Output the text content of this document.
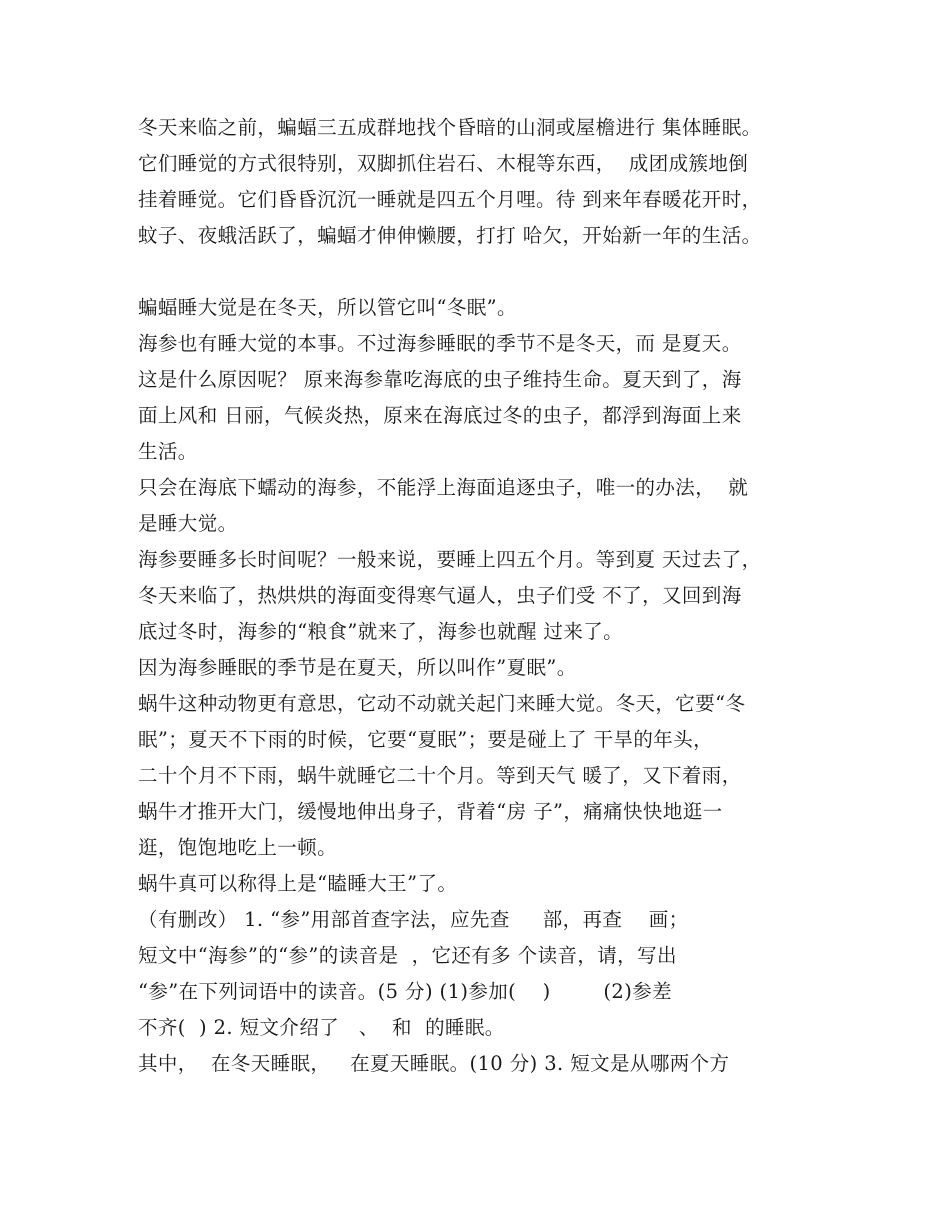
冬天来临之前，蝙蝠三五成群地找个昏暗的山洞或屋檐进行 集体睡眠。
它们睡觉的方式很特别，双脚抓住岩石、木棍等东西，  成团成簇地倒
挂着睡觉。它们昏昏沉沉一睡就是四五个月哩。待 到来年春暖花开时，
蚊子、夜蛾活跃了，蝙蝠才伸伸懒腰，打打 哈欠，开始新一年的生活。
蝙蝠睡大觉是在冬天，所以管它叫“冬眠”。
海参也有睡大觉的本事。不过海参睡眠的季节不是冬天，而 是夏天。
这是什么原因呢？ 原来海参靠吃海底的虫子维持生命。夏天到了，海
面上风和 日丽，气候炎热，原来在海底过冬的虫子，都浮到海面上来
生活。
只会在海底下蠕动的海参，不能浮上海面追逐虫子，唯一的办法，  就
是睡大觉。
海参要睡多长时间呢？一般来说，要睡上四五个月。等到夏 天过去了，
冬天来临了，热烘烘的海面变得寒气逼人，虫子们受 不了，又回到海
底过冬时，海参的“粮食”就来了，海参也就醒 过来了。
因为海参睡眠的季节是在夏天，所以叫作”夏眠”。
蜗牛这种动物更有意思，它动不动就关起门来睡大觉。冬天，它要“冬
眠”；夏天不下雨的时候，它要“夏眠”；要是碰上了 干旱的年头，
二十个月不下雨，蜗牛就睡它二十个月。等到天气 暖了，又下着雨，
蜗牛才推开大门，缓慢地伸出身子，背着“房 子”，痛痛快快地逛一
逛，饱饱地吃上一顿。
蜗牛真可以称得上是“瞌睡大王”了。
（有删改） 1. “参”用部首查字法，应先查     部，再查    画；
短文中“海参”的“参”的读音是  ，它还有多 个读音，请，写出
“参”在下列词语中的读音。(5 分) (1)参加(    )        (2)参差
不齐(  ) 2. 短文介绍了   、  和  的睡眠。
其中，  在冬天睡眠，   在夏天睡眠。(10 分) 3. 短文是从哪两个方
